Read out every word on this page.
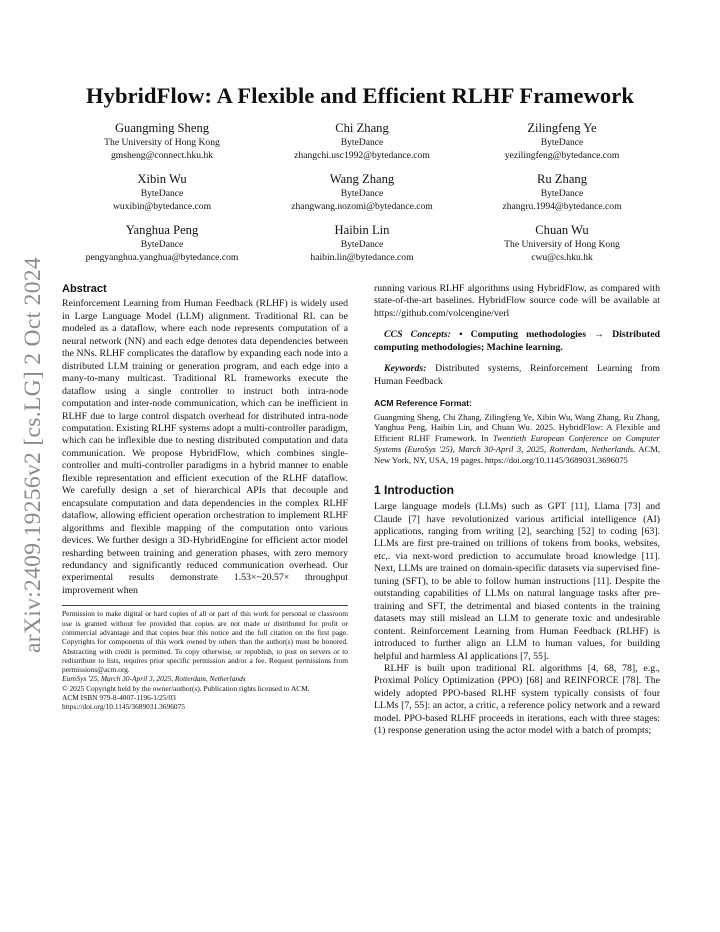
arXiv:2409.19256v2 [cs.LG] 2 Oct 2024
HybridFlow: A Flexible and Efficient RLHF Framework
Guangming Sheng
The University of Hong Kong
gmsheng@connect.hku.hk
Chi Zhang
ByteDance
zhangchi.usc1992@bytedance.com
Zilingfeng Ye
ByteDance
yezilingfeng@bytedance.com
Xibin Wu
ByteDance
wuxibin@bytedance.com
Wang Zhang
ByteDance
zhangwang.nozomi@bytedance.com
Ru Zhang
ByteDance
zhangru.1994@bytedance.com
Yanghua Peng
ByteDance
pengyanghua.yanghua@bytedance.com
Haibin Lin
ByteDance
haibin.lin@bytedance.com
Chuan Wu
The University of Hong Kong
cwu@cs.hku.hk
Abstract

Reinforcement Learning from Human Feedback (RLHF) is widely used in Large Language Model (LLM) alignment. Traditional RL can be modeled as a dataflow, where each node represents computation of a neural network (NN) and each edge denotes data dependencies between the NNs. RLHF complicates the dataflow by expanding each node into a distributed LLM training or generation program, and each edge into a many-to-many multicast. Traditional RL frameworks execute the dataflow using a single controller to instruct both intra-node computation and inter-node communication, which can be inefficient in RLHF due to large control dispatch overhead for distributed intra-node computation. Existing RLHF systems adopt a multi-controller paradigm, which can be inflexible due to nesting distributed computation and data communication. We propose HybridFlow, which combines single-controller and multi-controller paradigms in a hybrid manner to enable flexible representation and efficient execution of the RLHF dataflow. We carefully design a set of hierarchical APIs that decouple and encapsulate computation and data dependencies in the complex RLHF dataflow, allowing efficient operation orchestration to implement RLHF algorithms and flexible mapping of the computation onto various devices. We further design a 3D-HybridEngine for efficient actor model resharding between training and generation phases, with zero memory redundancy and significantly reduced communication overhead. Our experimental results demonstrate 1.53×~20.57× throughput improvement when

Permission to make digital or hard copies of all or part of this work for personal or classroom use is granted without fee provided that copies are not made or distributed for profit or commercial advantage and that copies bear this notice and the full citation on the first page. Copyrights for components of this work owned by others than the author(s) must be honored. Abstracting with credit is permitted. To copy otherwise, or republish, to post on servers or to redistribute to lists, requires prior specific permission and/or a fee. Request permissions from permissions@acm.org.

EuroSys '25, March 30-April 3, 2025, Rotterdam, Netherlands

© 2025 Copyright held by the owner/author(s). Publication rights licensed to ACM.

ACM ISBN 979-8-4007-1196-1/25/03

https://doi.org/10.1145/3689031.3696075

running various RLHF algorithms using HybridFlow, as compared with state-of-the-art baselines. HybridFlow source code will be available at https://github.com/volcengine/verl

CCS Concepts: • Computing methodologies → Distributed computing methodologies; Machine learning.

Keywords: Distributed systems, Reinforcement Learning from Human Feedback

ACM Reference Format:
Guangming Sheng, Chi Zhang, Zilingfeng Ye, Xibin Wu, Wang Zhang, Ru Zhang, Yanghua Peng, Haibin Lin, and Chuan Wu. 2025. HybridFlow: A Flexible and Efficient RLHF Framework. In Twentieth European Conference on Computer Systems (EuroSys '25), March 30-April 3, 2025, Rotterdam, Netherlands. ACM, New York, NY, USA, 19 pages. https://doi.org/10.1145/3689031.3696075
1 Introduction

Large language models (LLMs) such as GPT [11], Llama [73] and Claude [7] have revolutionized various artificial intelligence (AI) applications, ranging from writing [2], searching [52] to coding [63]. LLMs are first pre-trained on trillions of tokens from books, websites, etc,. via next-word prediction to accumulate broad knowledge [11]. Next, LLMs are trained on domain-specific datasets via supervised fine-tuning (SFT), to be able to follow human instructions [11]. Despite the outstanding capabilities of LLMs on natural language tasks after pre-training and SFT, the detrimental and biased contents in the training datasets may still mislead an LLM to generate toxic and undesirable content. Reinforcement Learning from Human Feedback (RLHF) is introduced to further align an LLM to human values, for building helpful and harmless AI applications [7, 55].

RLHF is built upon traditional RL algorithms [4, 68, 78], e.g., Proximal Policy Optimization (PPO) [68] and REINFORCE [78]. The widely adopted PPO-based RLHF system typically consists of four LLMs [7, 55]: an actor, a critic, a reference policy network and a reward model. PPO-based RLHF proceeds in iterations, each with three stages: (1) response generation using the actor model with a batch of prompts;
